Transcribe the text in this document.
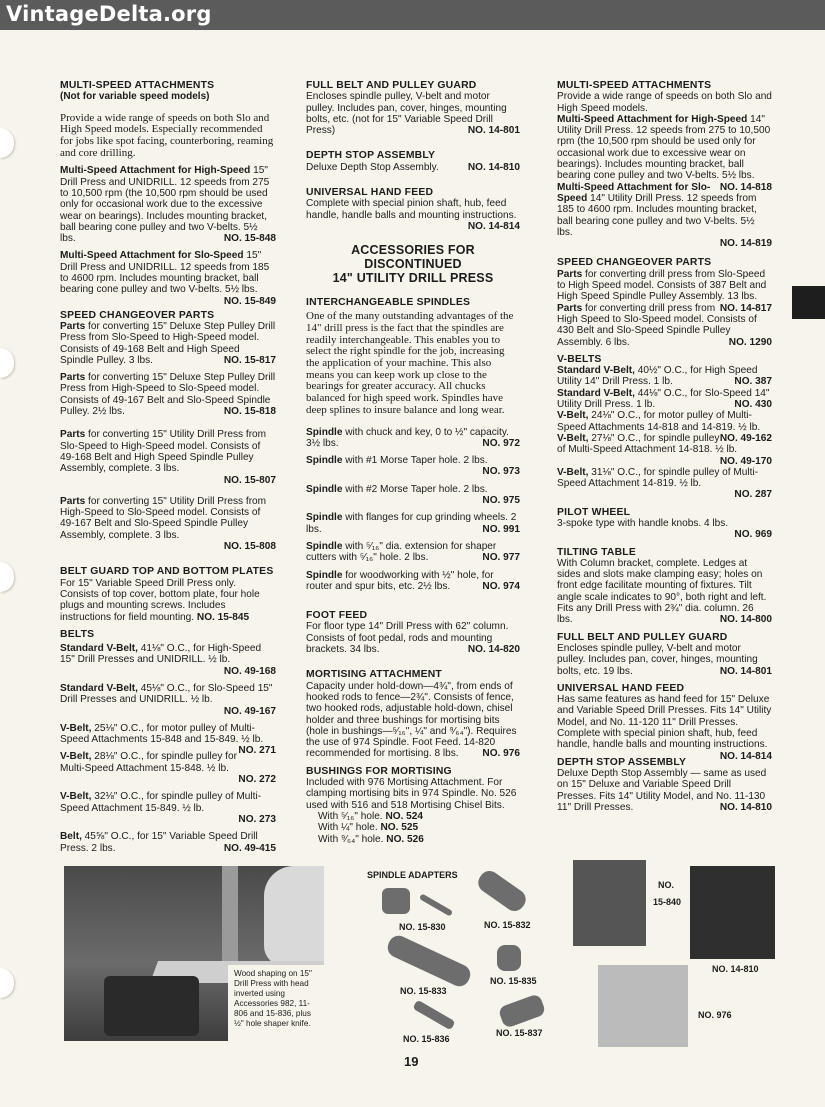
VintageDelta.org

MULTI-SPEED ATTACHMENTS

(Not for variable speed models)

Provide a wide range of speeds on both Slo and High Speed models. Especially recommended for jobs like spot facing, counterboring, reaming and core drilling.

Multi-Speed Attachment for High-Speed 15" Drill Press and UNIDRILL. 12 speeds from 275 to 10,500 rpm (the 10,500 rpm should be used only for occasional work due to the excessive wear on bearings). Includes mounting bracket, ball bearing cone pulley and two V-belts. 5½ lbs.	NO. 15-848

Multi-Speed Attachment for Slo-Speed 15" Drill Press and UNIDRILL. 12 speeds from 185 to 4600 rpm. Includes mounting bracket, ball bearing cone pulley and two V-belts. 5½ lbs.
NO. 15-849

SPEED CHANGEOVER PARTS

Parts for converting 15" Deluxe Step Pulley Drill Press from Slo-Speed to High-Speed model. Consists of 49-168 Belt and High Speed Spindle Pulley. 3 lbs.	NO. 15-817

Parts for converting 15" Deluxe Step Pulley Drill Press from High-Speed to Slo-Speed model. Consists of 49-167 Belt and Slo-Speed Spindle Pulley. 2½ lbs.	NO. 15-818

Parts for converting 15" Utility Drill Press from Slo-Speed to High-Speed model. Consists of 49-168 Belt and High Speed Spindle Pulley Assembly, complete. 3 lbs.
NO. 15-807

Parts for converting 15" Utility Drill Press from High-Speed to Slo-Speed model. Consists of 49-167 Belt and Slo-Speed Spindle Pulley Assembly, complete. 3 lbs.
NO. 15-808

BELT GUARD TOP AND BOTTOM PLATES

For 15" Variable Speed Drill Press only. Consists of top cover, bottom plate, four hole plugs and mounting screws. Includes instructions for field mounting. NO. 15-845

BELTS

Standard V-Belt, 41⅛" O.C., for High-Speed 15" Drill Presses and UNIDRILL. ½ lb.
NO. 49-168

Standard V-Belt, 45⅛" O.C., for Slo-Speed 15" Drill Presses and UNIDRILL. ½ lb.
NO. 49-167

V-Belt, 25⅛" O.C., for motor pulley of Multi-Speed Attachments 15-848 and 15-849. ½ lb.
NO. 271

V-Belt, 28⅛" O.C., for spindle pulley for Multi-Speed Attachment 15-848. ½ lb.
NO. 272

V-Belt, 32⅛" O.C., for spindle pulley of Multi-Speed Attachment 15-849. ½ lb.
NO. 273

Belt, 45⅝" O.C., for 15" Variable Speed Drill Press. 2 lbs.	NO. 49-415

FULL BELT AND PULLEY GUARD

Encloses spindle pulley, V-belt and motor pulley. Includes pan, cover, hinges, mounting bolts, etc. (not for 15" Variable Speed Drill Press)	NO. 14-801

DEPTH STOP ASSEMBLY

Deluxe Depth Stop Assembly.	NO. 14-810

UNIVERSAL HAND FEED

Complete with special pinion shaft, hub, feed handle, handle balls and mounting instructions.
NO. 14-814

ACCESSORIES FOR DISCONTINUED

14" UTILITY DRILL PRESS

INTERCHANGEABLE SPINDLES

One of the many outstanding advantages of the 14" drill press is the fact that the spindles are readily interchangeable. This enables you to select the right spindle for the job, increasing the application of your machine. This also means you can keep work up close to the bearings for greater accuracy. All chucks balanced for high speed work. Spindles have deep splines to insure balance and long wear.

Spindle with chuck and key, 0 to ½" capacity. 3½ lbs.	NO. 972

Spindle with #1 Morse Taper hole. 2 lbs.
NO. 973

Spindle with #2 Morse Taper hole. 2 lbs.
NO. 975

Spindle with flanges for cup grinding wheels. 2 lbs.	NO. 991

Spindle with ⁵⁄₁₆" dia. extension for shaper cutters with ⁵⁄₁₆" hole. 2 lbs.	NO. 977

Spindle for woodworking with ½" hole, for router and spur bits, etc. 2½ lbs.	NO. 974

FOOT FEED

For floor type 14" Drill Press with 62" column. Consists of foot pedal, rods and mounting brackets. 34 lbs.	NO. 14-820

MORTISING ATTACHMENT

Capacity under hold-down—4¾", from ends of hooked rods to fence—2¾". Consists of fence, two hooked rods, adjustable hold-down, chisel holder and three bushings for mortising bits (hole in bushings—⁵⁄₁₆", ¼" and ⁹⁄₆₄"). Requires the use of 974 Spindle. Foot Feed. 14-820 recommended for mortising. 8 lbs. NO. 976

BUSHINGS FOR MORTISING

Included with 976 Mortising Attachment. For clamping mortising bits in 974 Spindle. No. 526 used with 516 and 518 Mortising Chisel Bits.

With ⁵⁄₁₆" hole. NO. 524

With ¼" hole. NO. 525

With ⁹⁄₆₄" hole. NO. 526

MULTI-SPEED ATTACHMENTS

Provide a wide range of speeds on both Slo and High Speed models.

Multi-Speed Attachment for High-Speed 14" Utility Drill Press. 12 speeds from 275 to 10,500 rpm (the 10,500 rpm should be used only for occasional work due to excessive wear on bearings). Includes mounting bracket, ball bearing cone pulley and two V-belts. 5½ lbs.
NO. 14-818

Multi-Speed Attachment for Slo-Speed 14" Utility Drill Press. 12 speeds from 185 to 4600 rpm. Includes mounting bracket, ball bearing cone pulley and two V-belts. 5½ lbs.
NO. 14-819

SPEED CHANGEOVER PARTS

Parts for converting drill press from Slo-Speed to High Speed model. Consists of 387 Belt and High Speed Spindle Pulley Assembly. 13 lbs.
NO. 14-817

Parts for converting drill press from High Speed to Slo-Speed model. Consists of 430 Belt and Slo-Speed Spindle Pulley Assembly. 6 lbs.	NO. 1290

V-BELTS

Standard V-Belt, 40½" O.C., for High Speed Utility 14" Drill Press. 1 lb.	NO. 387

Standard V-Belt, 44⅛" O.C., for Slo-Speed 14" Utility Drill Press. 1 lb.	NO. 430

V-Belt, 24⅛" O.C., for motor pulley of Multi-Speed Attachments 14-818 and 14-819. ½ lb.
NO. 49-162

V-Belt, 27⅛" O.C., for spindle pulley of Multi-Speed Attachment 14-818. ½ lb.
NO. 49-170

V-Belt, 31⅛" O.C., for spindle pulley of Multi-Speed Attachment 14-819. ½ lb.
NO. 287

PILOT WHEEL

3-spoke type with handle knobs. 4 lbs.
NO. 969

TILTING TABLE

With Column bracket, complete. Ledges at sides and slots make clamping easy; holes on front edge facilitate mounting of fixtures. Tilt angle scale indicates to 90°, both right and left. Fits any Drill Press with 2¾" dia. column. 26 lbs.	NO. 14-800

FULL BELT AND PULLEY GUARD

Encloses spindle pulley, V-belt and motor pulley. Includes pan, cover, hinges, mounting bolts, etc. 19 lbs.	NO. 14-801

UNIVERSAL HAND FEED

Has same features as hand feed for 15" Deluxe and Variable Speed Drill Presses. Fits 14" Utility Model, and No. 11-120 11" Drill Presses. Complete with special pinion shaft, hub, feed handle, handle balls and mounting instructions.
NO. 14-814

DEPTH STOP ASSEMBLY

Deluxe Depth Stop Assembly — same as used on 15" Deluxe and Variable Speed Drill Presses. Fits 14" Utility Model, and No. 11-130 11" Drill Presses.	NO. 14-810

Wood shaping on 15" Drill Press with head inverted using Accessories 982, 11-806 and 15-836, plus ½" hole shaper knife.
SPINDLE ADAPTERS
NO. 15-830	NO. 15-832
NO. 15-835
NO. 15-833
NO. 15-837
NO. 15-836
NO.
15-840
NO. 14-810
NO. 976
19
